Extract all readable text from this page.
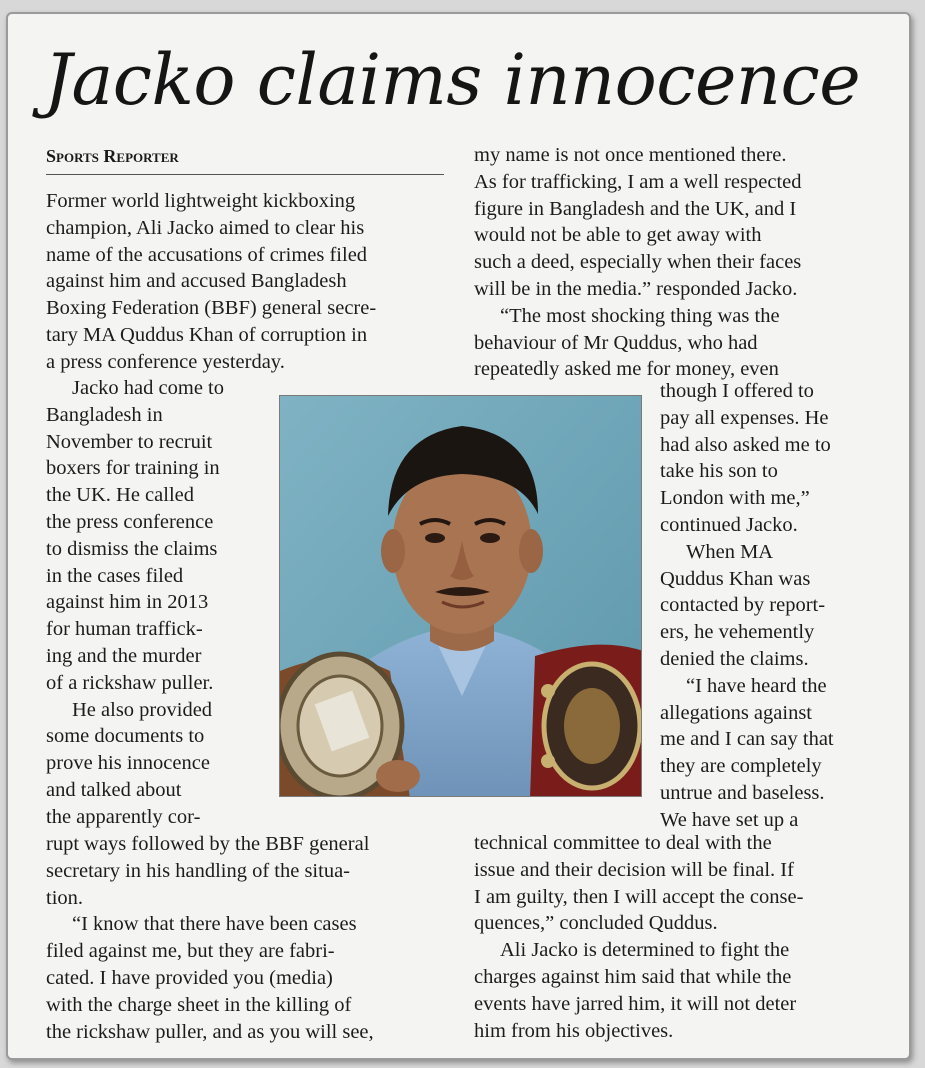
Jacko claims innocence
Sports Reporter
Former world lightweight kickboxing
champion, Ali Jacko aimed to clear his
name of the accusations of crimes filed
against him and accused Bangladesh
Boxing Federation (BBF) general secre-
tary MA Quddus Khan of corruption in
a press conference yesterday.
Jacko had come to
Bangladesh in
November to recruit
boxers for training in
the UK. He called
the press conference
to dismiss the claims
in the cases filed
against him in 2013
for human traffick-
ing and the murder
of a rickshaw puller.
He also provided
some documents to
prove his innocence
and talked about
the apparently cor-
rupt ways followed by the BBF general
secretary in his handling of the situa-
tion.
“I know that there have been cases
filed against me, but they are fabri-
cated. I have provided you (media)
with the charge sheet in the killing of
the rickshaw puller, and as you will see,
my name is not once mentioned there.
As for trafficking, I am a well respected
figure in Bangladesh and the UK, and I
would not be able to get away with
such a deed, especially when their faces
will be in the media.” responded Jacko.
“The most shocking thing was the
behaviour of Mr Quddus, who had
repeatedly asked me for money, even
though I offered to
pay all expenses. He
had also asked me to
take his son to
London with me,”
continued Jacko.
When MA
Quddus Khan was
contacted by report-
ers, he vehemently
denied the claims.
“I have heard the
allegations against
me and I can say that
they are completely
untrue and baseless.
We have set up a
technical committee to deal with the
issue and their decision will be final. If
I am guilty, then I will accept the conse-
quences,” concluded Quddus.
Ali Jacko is determined to fight the
charges against him said that while the
events have jarred him, it will not deter
him from his objectives.
